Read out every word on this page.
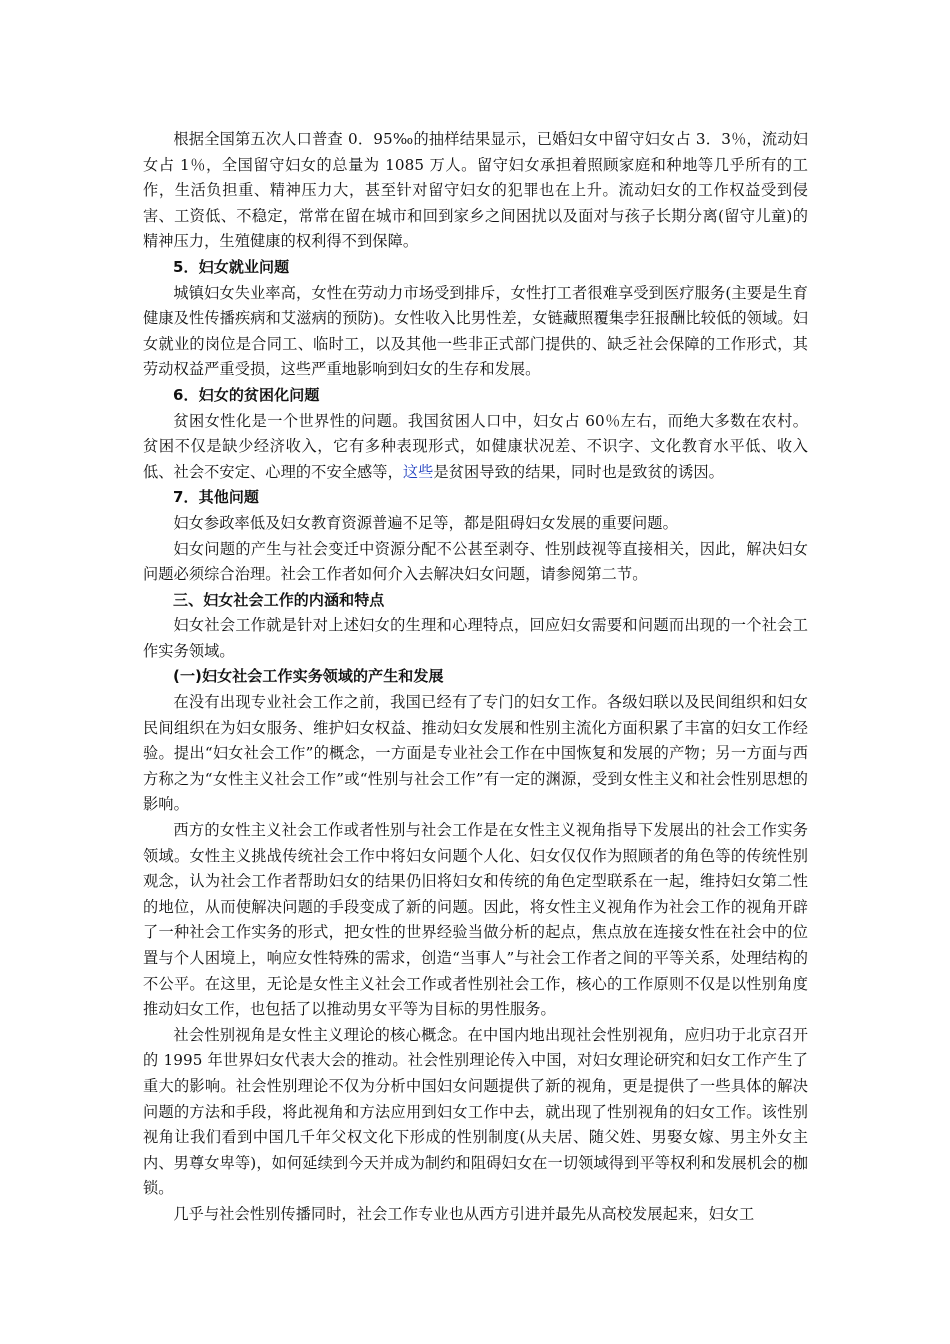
根据全国第五次人口普查 0．95‰的抽样结果显示，已婚妇女中留守妇女占 3．3％，流动妇女占 1％，全国留守妇女的总量为 1085 万人。留守妇女承担着照顾家庭和种地等几乎所有的工作，生活负担重、精神压力大，甚至针对留守妇女的犯罪也在上升。流动妇女的工作权益受到侵害、工资低、不稳定，常常在留在城市和回到家乡之间困扰以及面对与孩子长期分离(留守儿童)的精神压力，生殖健康的权利得不到保障。

5．妇女就业问题

城镇妇女失业率高，女性在劳动力市场受到排斥，女性打工者很难享受到医疗服务(主要是生育健康及性传播疾病和艾滋病的预防)。女性收入比男性差，女链藏照覆集孛狂报酬比较低的领域。妇女就业的岗位是合同工、临时工，以及其他一些非正式部门提供的、缺乏社会保障的工作形式，其劳动权益严重受损，这些严重地影响到妇女的生存和发展。

6．妇女的贫困化问题

贫困女性化是一个世界性的问题。我国贫困人口中，妇女占 60％左右，而绝大多数在农村。贫困不仅是缺少经济收入，它有多种表现形式，如健康状况差、不识字、文化教育水平低、收入低、社会不安定、心理的不安全感等，这些是贫困导致的结果，同时也是致贫的诱因。

7．其他问题

妇女参政率低及妇女教育资源普遍不足等，都是阻碍妇女发展的重要问题。

妇女问题的产生与社会变迁中资源分配不公甚至剥夺、性别歧视等直接相关，因此，解决妇女问题必须综合治理。社会工作者如何介入去解决妇女问题，请参阅第二节。

三、妇女社会工作的内涵和特点

妇女社会工作就是针对上述妇女的生理和心理特点，回应妇女需要和问题而出现的一个社会工作实务领域。

(一)妇女社会工作实务领域的产生和发展

在没有出现专业社会工作之前，我国已经有了专门的妇女工作。各级妇联以及民间组织和妇女民间组织在为妇女服务、维护妇女权益、推动妇女发展和性别主流化方面积累了丰富的妇女工作经验。提出“妇女社会工作”的概念，一方面是专业社会工作在中国恢复和发展的产物；另一方面与西方称之为“女性主义社会工作”或“性别与社会工作”有一定的渊源，受到女性主义和社会性别思想的影响。

西方的女性主义社会工作或者性别与社会工作是在女性主义视角指导下发展出的社会工作实务领域。女性主义挑战传统社会工作中将妇女问题个人化、妇女仅仅作为照顾者的角色等的传统性别观念，认为社会工作者帮助妇女的结果仍旧将妇女和传统的角色定型联系在一起，维持妇女第二性的地位，从而使解决问题的手段变成了新的问题。因此，将女性主义视角作为社会工作的视角开辟了一种社会工作实务的形式，把女性的世界经验当做分析的起点，焦点放在连接女性在社会中的位置与个人困境上，响应女性特殊的需求，创造“当事人”与社会工作者之间的平等关系，处理结构的不公平。在这里，无论是女性主义社会工作或者性别社会工作，核心的工作原则不仅是以性别角度推动妇女工作，也包括了以推动男女平等为目标的男性服务。

社会性别视角是女性主义理论的核心概念。在中国内地出现社会性别视角，应归功于北京召开的 1995 年世界妇女代表大会的推动。社会性别理论传入中国，对妇女理论研究和妇女工作产生了重大的影响。社会性别理论不仅为分析中国妇女问题提供了新的视角，更是提供了一些具体的解决问题的方法和手段，将此视角和方法应用到妇女工作中去，就出现了性别视角的妇女工作。该性别视角让我们看到中国几千年父权文化下形成的性别制度(从夫居、随父姓、男娶女嫁、男主外女主内、男尊女卑等)，如何延续到今天并成为制约和阻碍妇女在一切领域得到平等权利和发展机会的枷锁。

几乎与社会性别传播同时，社会工作专业也从西方引进并最先从高校发展起来，妇女工
